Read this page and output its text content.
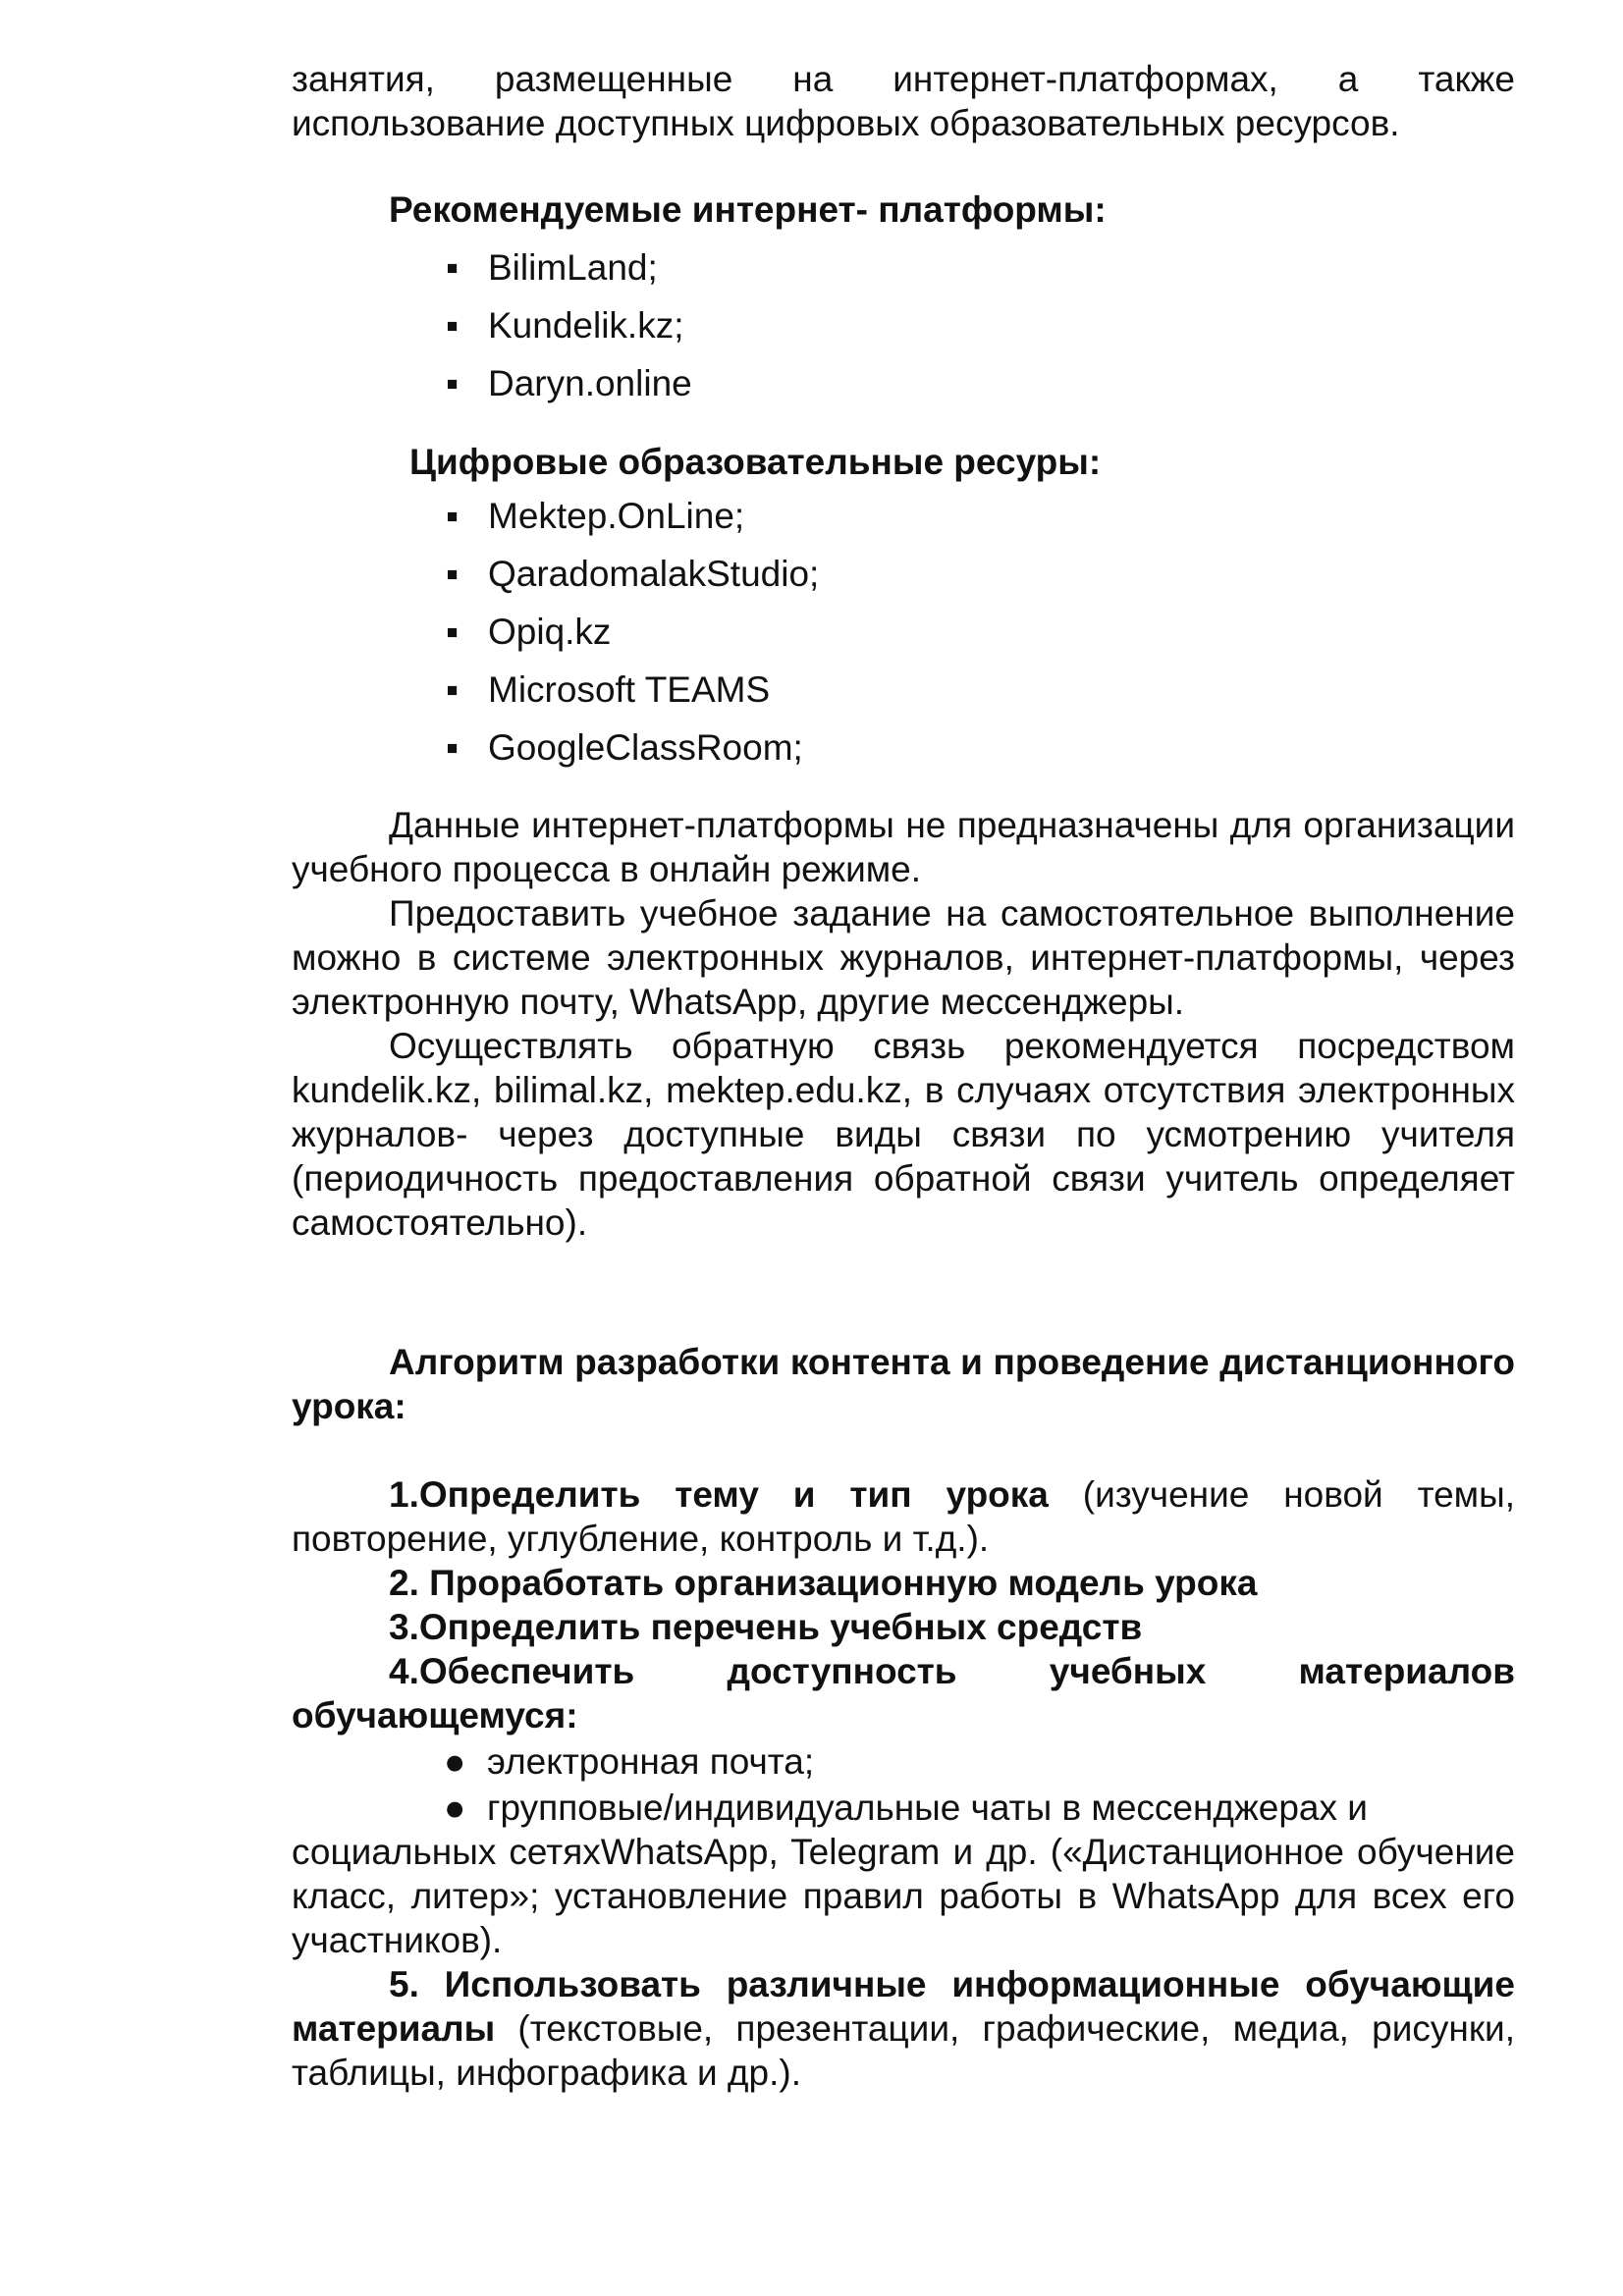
занятия, размещенные на интернет-платформах, а также

использование доступных цифровых образовательных ресурсов.

Рекомендуемые интернет- платформы:

▪ BilimLand;
▪ Kundelik.kz;
▪ Daryn.online

Цифровые образовательные ресуры:

▪ Mektep.OnLine;
▪ QaradomalakStudio;
▪ Opiq.kz
▪ Microsoft TEAMS
▪ GoogleClassRoom;

Данные интернет-платформы не предназначены для организации учебного процесса в онлайн режиме.

Предоставить учебное задание на самостоятельное выполнение можно в системе электронных журналов, интернет-платформы, через электронную почту, WhatsApp, другие мессенджеры.

Осуществлять обратную связь рекомендуется посредством kundelik.kz, bilimal.kz, mektep.edu.kz, в случаях отсутствия электронных журналов- через доступные виды связи по усмотрению учителя (периодичность предоставления обратной связи учитель определяет самостоятельно).

Алгоритм разработки контента и проведение дистанционного урока:

1.Определить тему и тип урока (изучение новой темы, повторение, углубление, контроль и т.д.).

2. Проработать организационную модель урока

3.Определить перечень учебных средств

4.Обеспечить доступность учебных материалов обучающемуся:

● электронная почта;
● групповые/индивидуальные чаты в мессенджерах и

социальных сетяхWhatsApp, Telegram и др. («Дистанционное обучение класс, литер»; установление правил работы в WhatsApp для всех его участников).

5. Использовать различные информационные обучающие материалы (текстовые, презентации, графические, медиа, рисунки, таблицы, инфографика и др.).
